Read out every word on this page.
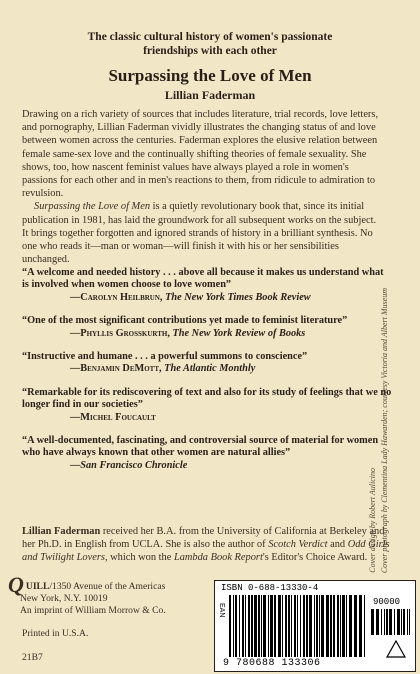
The classic cultural history of women's passionate
friendships with each other
Surpassing the Love of Men
Lillian Faderman

Drawing on a rich variety of sources that includes literature, trial records, love letters, and pornography, Lillian Faderman vividly illustrates the changing status of and love between women across the centuries. Faderman explores the elusive relation between female same-sex love and the continually shifting theories of female sexuality. She shows, too, how nascent feminist values have always played a role in women's passions for each other and in men's reactions to them, from ridicule to admiration to revulsion.

Surpassing the Love of Men is a quietly revolutionary book that, since its initial publication in 1981, has laid the groundwork for all subsequent works on the subject. It brings together forgotten and ignored strands of history in a brilliant synthesis. No one who reads it—man or woman—will finish it with his or her sensibilities unchanged.

“A welcome and needed history . . . above all because it makes us understand what is involved when women choose to love women”
—Carolyn Heilbrun, The New York Times Book Review
“One of the most significant contributions yet made to feminist literature”
—Phyllis Grosskurth, The New York Review of Books
“Instructive and humane . . . a powerful summons to conscience”
—Benjamin DeMott, The Atlantic Monthly
“Remarkable for its rediscovering of text and also for its study of feelings that we no longer find in our societies”
—Michel Foucault
“A well-documented, fascinating, and controversial source of material for women who have always known that other women are natural allies”
—San Francisco Chronicle
Cover design by Robert Aulicino Cover photograph by Clementina Lady Hawarden; courtesy Victoria and Albert Museum
Lillian Faderman received her B.A. from the University of California at Berkeley and her Ph.D. in English from UCLA. She is also the author of Scotch Verdict and Odd Girls and Twilight Lovers, which won the Lambda Book Report's Editor's Choice Award.
Q UILL /1350 Avenue of the Americas
New York, N.Y. 10019
An imprint of William Morrow & Co.
Printed in U.S.A.
21B7
ISBN 0-688-13330-4
EAN
90000
9 780688 133306
